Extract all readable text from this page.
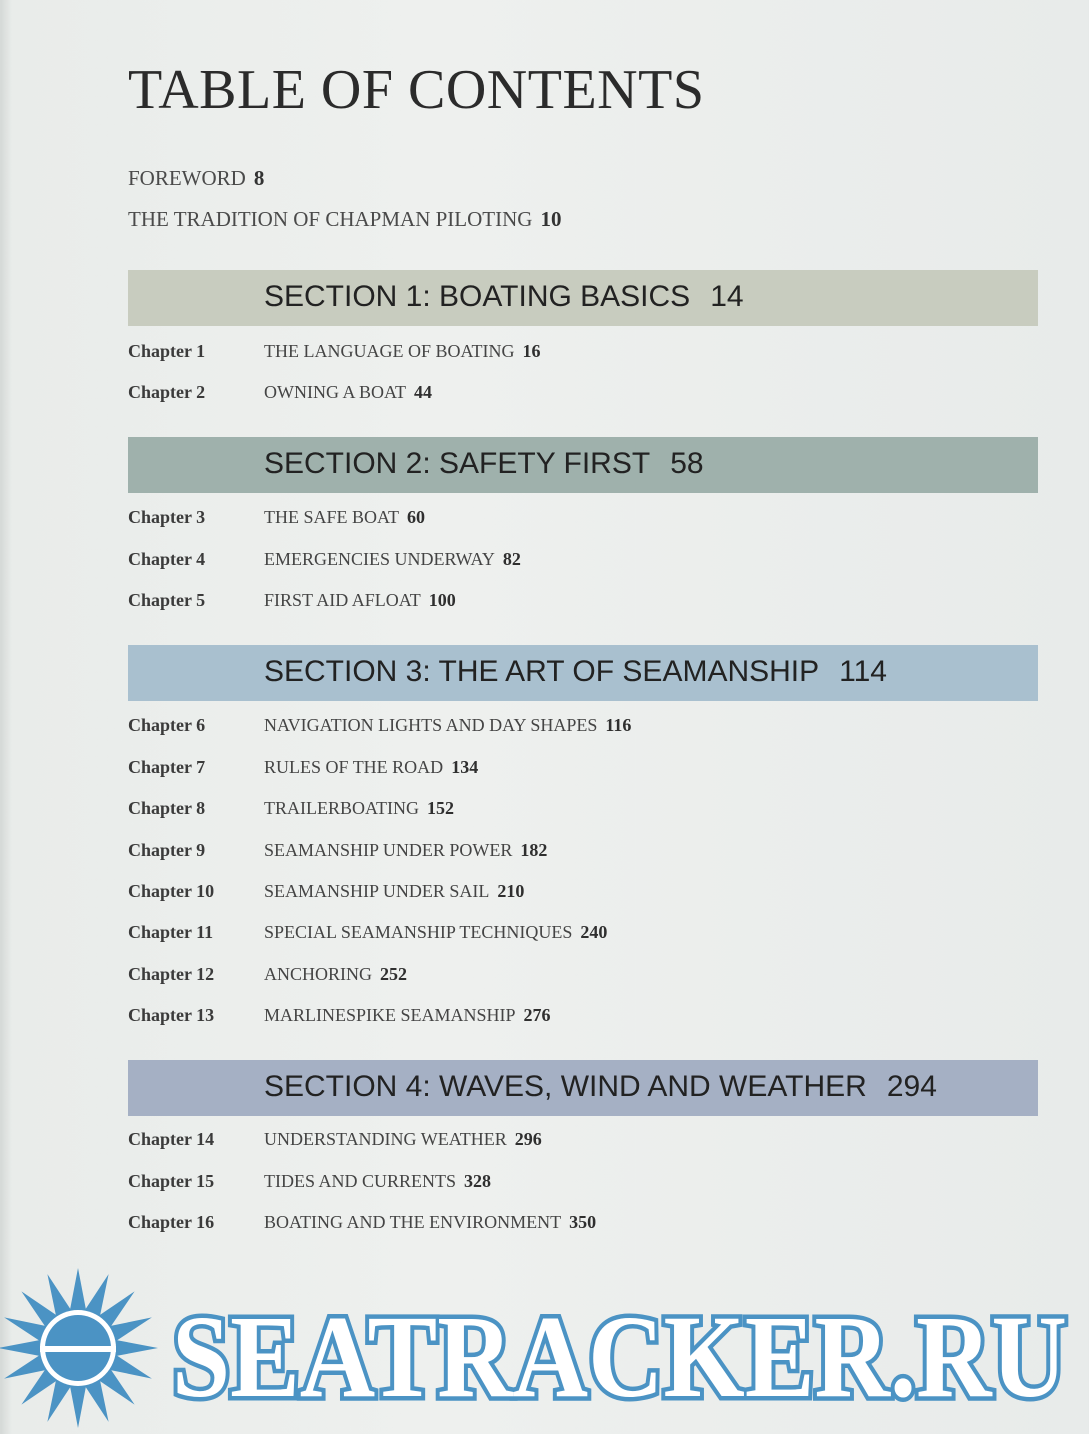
TABLE OF CONTENTS
FOREWORD 8
THE TRADITION OF CHAPMAN PILOTING 10
SECTION 1: BOATING BASICS 14
Chapter 1	THE LANGUAGE OF BOATING 16
Chapter 2	OWNING A BOAT 44
SECTION 2: SAFETY FIRST 58
Chapter 3	THE SAFE BOAT 60
Chapter 4	EMERGENCIES UNDERWAY 82
Chapter 5	FIRST AID AFLOAT 100
SECTION 3: THE ART OF SEAMANSHIP 114
Chapter 6	NAVIGATION LIGHTS AND DAY SHAPES 116
Chapter 7	RULES OF THE ROAD 134
Chapter 8	TRAILERBOATING 152
Chapter 9	SEAMANSHIP UNDER POWER 182
Chapter 10	SEAMANSHIP UNDER SAIL 210
Chapter 11	SPECIAL SEAMANSHIP TECHNIQUES 240
Chapter 12	ANCHORING 252
Chapter 13	MARLINESPIKE SEAMANSHIP 276
SECTION 4: WAVES, WIND AND WEATHER 294
Chapter 14	UNDERSTANDING WEATHER 296
Chapter 15	TIDES AND CURRENTS 328
Chapter 16	BOATING AND THE ENVIRONMENT 350
SEATRACKER.RU
